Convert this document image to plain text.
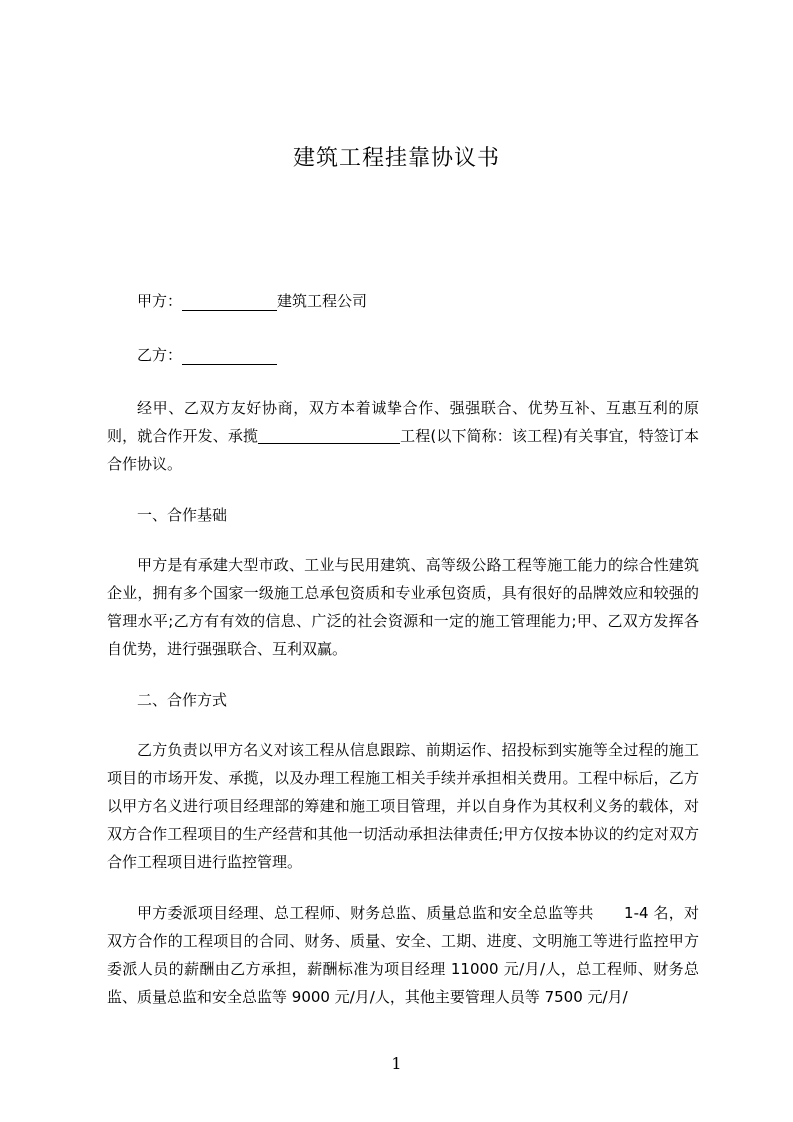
建筑工程挂靠协议书
甲方：	建筑工程公司
乙方：
经甲、乙双方友好协商，双方本着诚挚合作、强强联合、优势互补、互惠互利的原则，就合作开发、承揽	工程(以下简称：该工程)有关事宜，特签订本合作协议。
一、合作基础
甲方是有承建大型市政、工业与民用建筑、高等级公路工程等施工能力的综合性建筑企业，拥有多个国家一级施工总承包资质和专业承包资质，具有很好的品牌效应和较强的管理水平;乙方有有效的信息、广泛的社会资源和一定的施工管理能力;甲、乙双方发挥各自优势，进行强强联合、互利双赢。
二、合作方式
乙方负责以甲方名义对该工程从信息跟踪、前期运作、招投标到实施等全过程的施工项目的市场开发、承揽，以及办理工程施工相关手续并承担相关费用。工程中标后，乙方以甲方名义进行项目经理部的筹建和施工项目管理，并以自身作为其权利义务的载体，对双方合作工程项目的生产经营和其他一切活动承担法律责任;甲方仅按本协议的约定对双方合作工程项目进行监控管理。
甲方委派项目经理、总工程师、财务总监、质量总监和安全总监等共　　1-4 名，对双方合作的工程项目的合同、财务、质量、安全、工期、进度、文明施工等进行监控甲方委派人员的薪酬由乙方承担，薪酬标准为项目经理 11000 元/月/人，总工程师、财务总监、质量总监和安全总监等 9000 元/月/人，其他主要管理人员等 7500 元/月/
1
